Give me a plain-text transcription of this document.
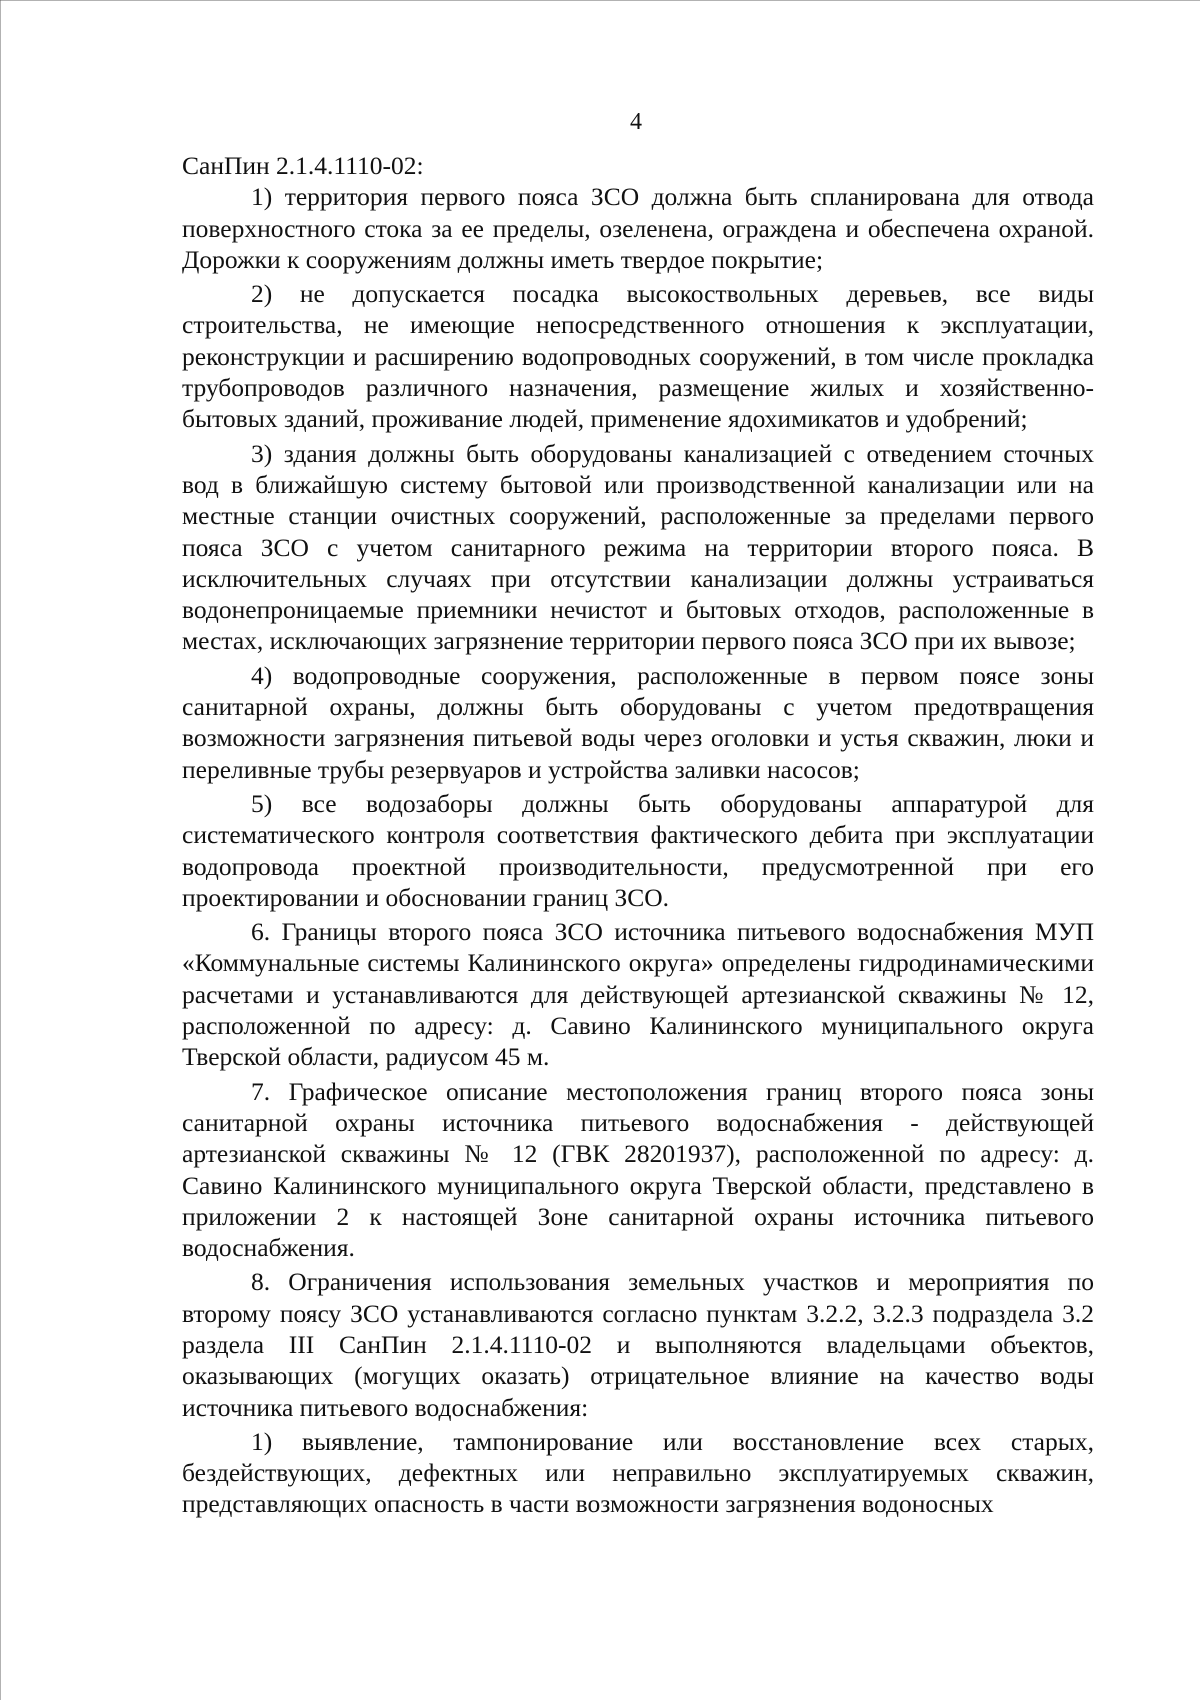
4

СанПин 2.1.4.1110-02:

1) территория первого пояса ЗСО должна быть спланирована для отвода поверхностного стока за ее пределы, озеленена, ограждена и обеспечена охраной. Дорожки к сооружениям должны иметь твердое покрытие;

2) не допускается посадка высокоствольных деревьев, все виды строительства, не имеющие непосредственного отношения к эксплуатации, реконструкции и расширению водопроводных сооружений, в том числе прокладка трубопроводов различного назначения, размещение жилых и хозяйственно-бытовых зданий, проживание людей, применение ядохимикатов и удобрений;

3) здания должны быть оборудованы канализацией с отведением сточных вод в ближайшую систему бытовой или производственной канализации или на местные станции очистных сооружений, расположенные за пределами первого пояса ЗСО с учетом санитарного режима на территории второго пояса. В исключительных случаях при отсутствии канализации должны устраиваться водонепроницаемые приемники нечистот и бытовых отходов, расположенные в местах, исключающих загрязнение территории первого пояса ЗСО при их вывозе;

4) водопроводные сооружения, расположенные в первом поясе зоны санитарной охраны, должны быть оборудованы с учетом предотвращения возможности загрязнения питьевой воды через оголовки и устья скважин, люки и переливные трубы резервуаров и устройства заливки насосов;

5) все водозаборы должны быть оборудованы аппаратурой для систематического контроля соответствия фактического дебита при эксплуатации водопровода проектной производительности, предусмотренной при его проектировании и обосновании границ ЗСО.

6. Границы второго пояса ЗСО источника питьевого водоснабжения МУП «Коммунальные системы Калининского округа» определены гидродинамическими расчетами и устанавливаются для действующей артезианской скважины № 12, расположенной по адресу: д. Савино Калининского муниципального округа Тверской области, радиусом 45 м.

7. Графическое описание местоположения границ второго пояса зоны санитарной охраны источника питьевого водоснабжения - действующей артезианской скважины № 12 (ГВК 28201937), расположенной по адресу: д. Савино Калининского муниципального округа Тверской области, представлено в приложении 2 к настоящей Зоне санитарной охраны источника питьевого водоснабжения.

8. Ограничения использования земельных участков и мероприятия по второму поясу ЗСО устанавливаются согласно пунктам 3.2.2, 3.2.3 подраздела 3.2 раздела III СанПин 2.1.4.1110-02 и выполняются владельцами объектов, оказывающих (могущих оказать) отрицательное влияние на качество воды источника питьевого водоснабжения:

1) выявление, тампонирование или восстановление всех старых, бездействующих, дефектных или неправильно эксплуатируемых скважин, представляющих опасность в части возможности загрязнения водоносных
